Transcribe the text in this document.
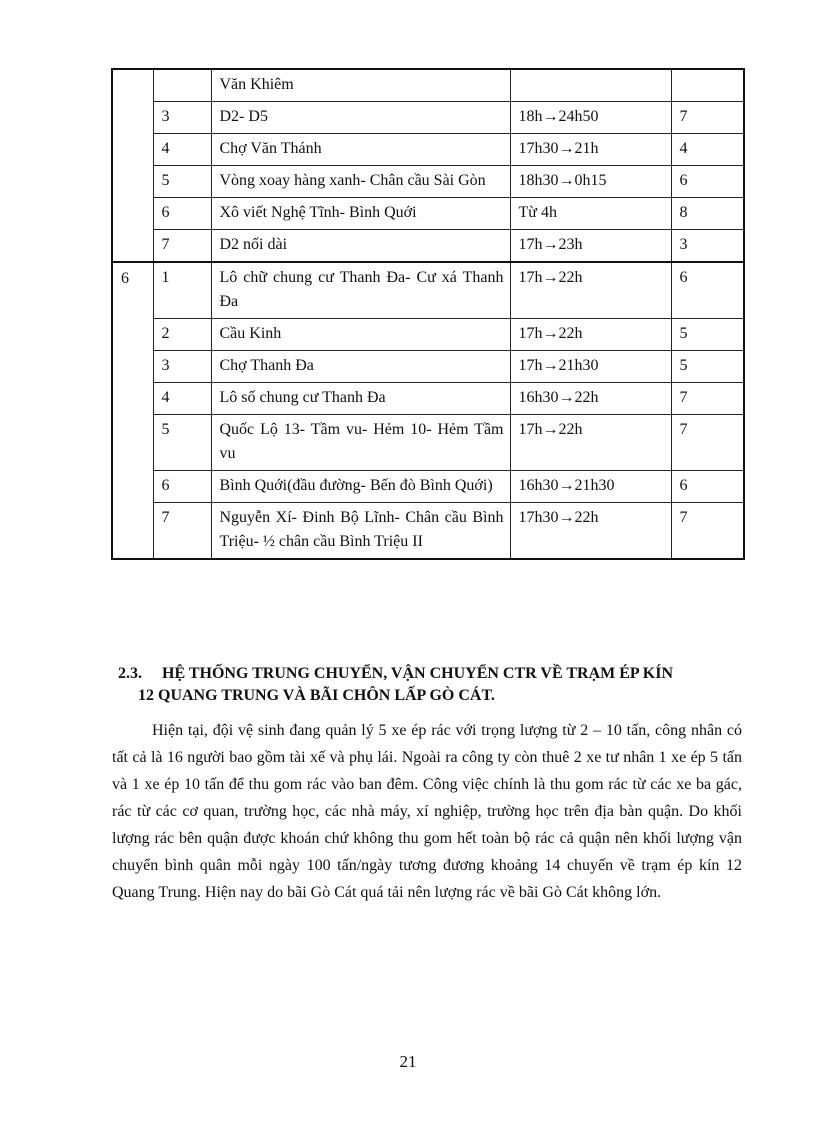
		Văn Khiêm		
	3	D2- D5	18h→24h50	7
	4	Chợ Văn Thánh	17h30→21h	4
	5	Vòng xoay hàng xanh- Chân cầu Sài Gòn	18h30→0h15	6
	6	Xô viết Nghệ Tĩnh- Bình Quới	Từ 4h	8
	7	D2 nối dài	17h→23h	3
6	1	Lô chữ chung cư Thanh Đa- Cư xá Thanh Đa	17h→22h	6
	2	Cầu Kinh	17h→22h	5
	3	Chợ Thanh Đa	17h→21h30	5
	4	Lô số chung cư Thanh Đa	16h30→22h	7
	5	Quốc Lộ 13- Tầm vu- Hẻm 10- Hẻm Tầm vu	17h→22h	7
	6	Bình Quới(đầu đường- Bến đò Bình Quới)	16h30→21h30	6
	7	Nguyễn Xí- Đinh Bộ Lĩnh- Chân cầu Bình Triệu- ½ chân cầu Bình Triệu II	17h30→22h	7
2.3. HỆ THỐNG TRUNG CHUYỂN, VẬN CHUYỂN CTR VỀ TRẠM ÉP KÍN
12 QUANG TRUNG VÀ BÃI CHÔN LẤP GÒ CÁT.

Hiện tại, đội vệ sinh đang quản lý 5 xe ép rác với trọng lượng từ 2 – 10 tấn, công nhân có tất cả là 16 người bao gồm tài xế và phụ lái. Ngoài ra công ty còn thuê 2 xe tư nhân 1 xe ép 5 tấn và 1 xe ép 10 tấn để thu gom rác vào ban đêm. Công việc chính là thu gom rác từ các xe ba gác, rác từ các cơ quan, trường học, các nhà máy, xí nghiệp, trường học trên địa bàn quận. Do khối lượng rác bên quận được khoán chứ không thu gom hết toàn bộ rác cả quận nên khối lượng vận chuyển bình quân mỗi ngày 100 tấn/ngày tương đương khoảng 14 chuyến về trạm ép kín 12 Quang Trung. Hiện nay do bãi Gò Cát quá tải nên lượng rác về bãi Gò Cát không lớn.

21
